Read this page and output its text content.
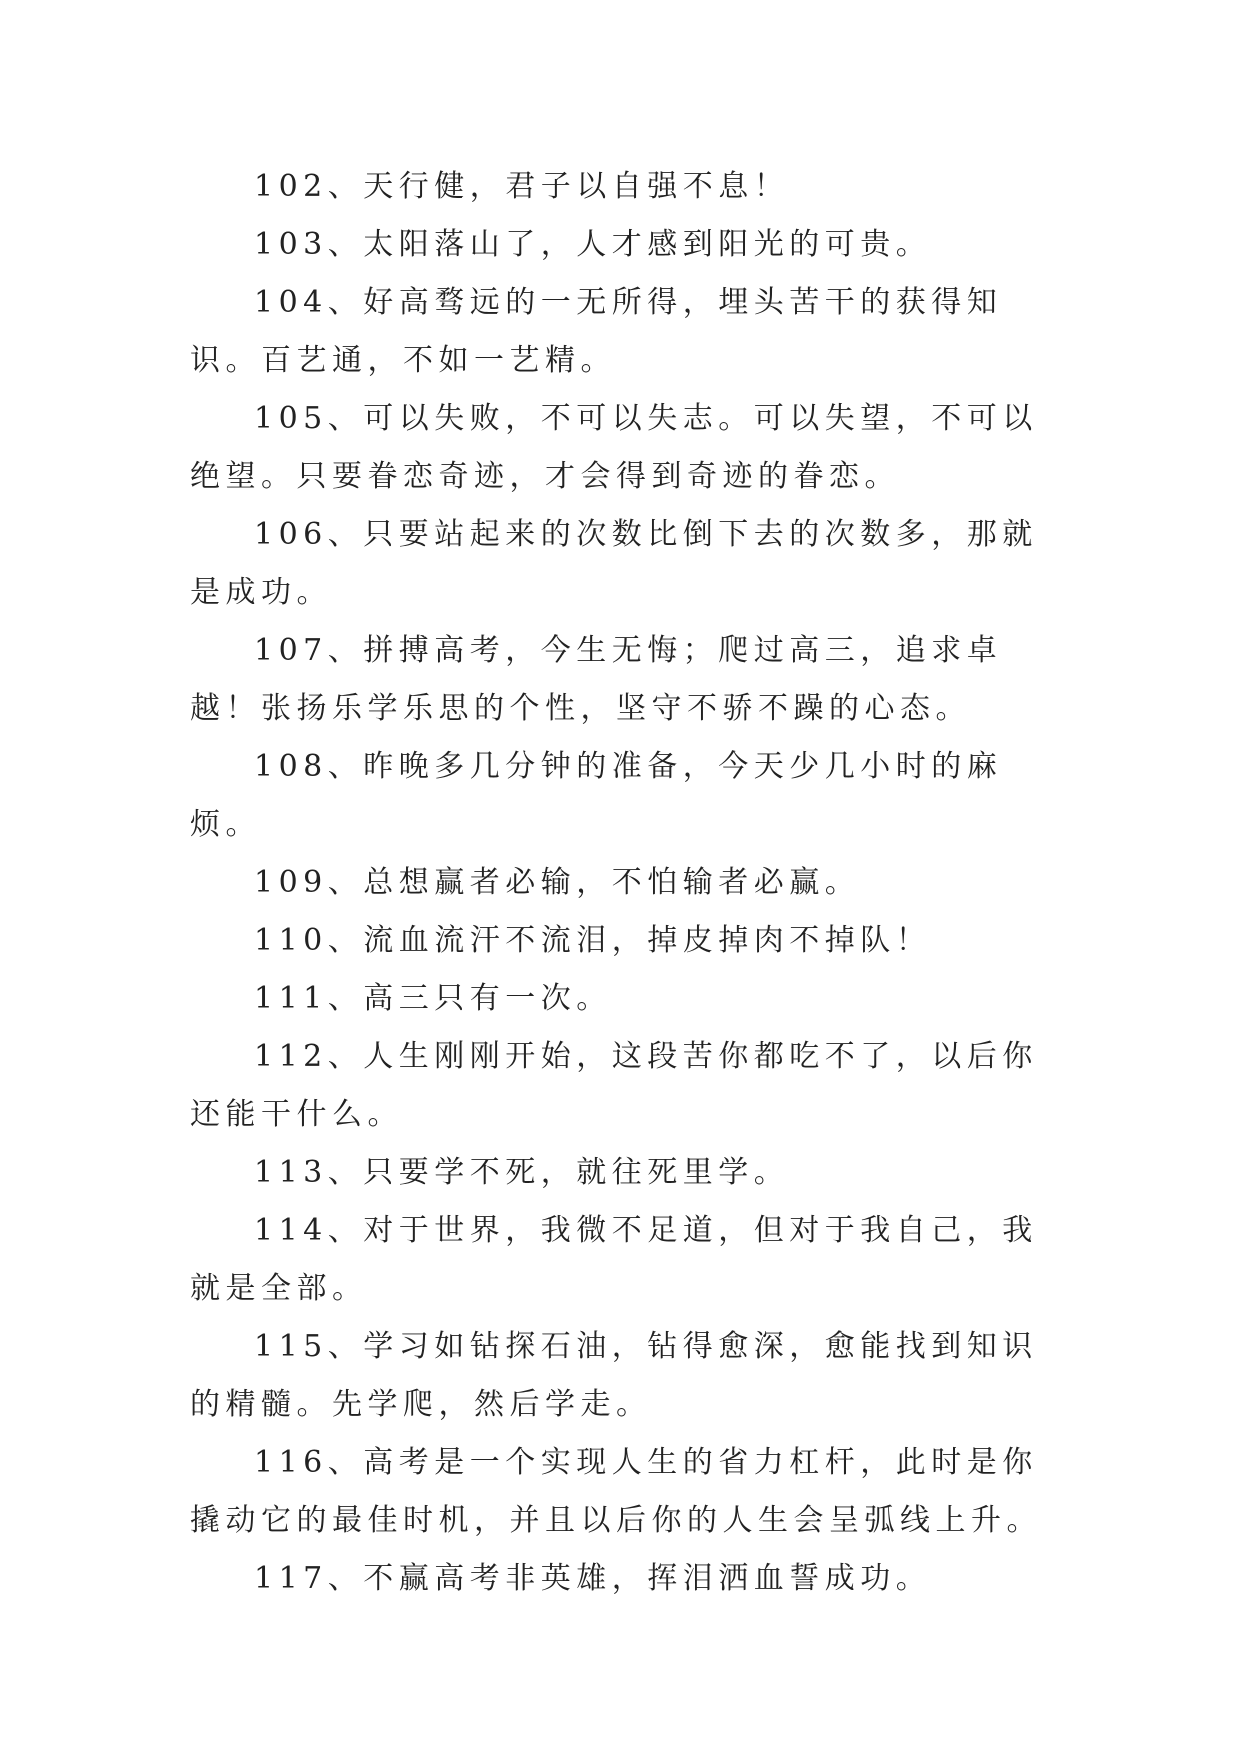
102、天行健，君子以自强不息！

103、太阳落山了，人才感到阳光的可贵。

104、好高骛远的一无所得，埋头苦干的获得知识。百艺通，不如一艺精。

105、可以失败，不可以失志。可以失望，不可以绝望。只要眷恋奇迹，才会得到奇迹的眷恋。

106、只要站起来的次数比倒下去的次数多，那就是成功。

107、拼搏高考，今生无悔；爬过高三，追求卓越！张扬乐学乐思的个性，坚守不骄不躁的心态。

108、昨晚多几分钟的准备，今天少几小时的麻烦。

109、总想赢者必输，不怕输者必赢。

110、流血流汗不流泪，掉皮掉肉不掉队！

111、高三只有一次。

112、人生刚刚开始，这段苦你都吃不了，以后你还能干什么。

113、只要学不死，就往死里学。

114、对于世界，我微不足道，但对于我自己，我就是全部。

115、学习如钻探石油，钻得愈深，愈能找到知识的精髓。先学爬，然后学走。

116、高考是一个实现人生的省力杠杆，此时是你撬动它的最佳时机，并且以后你的人生会呈弧线上升。

117、不赢高考非英雄，挥泪洒血誓成功。
